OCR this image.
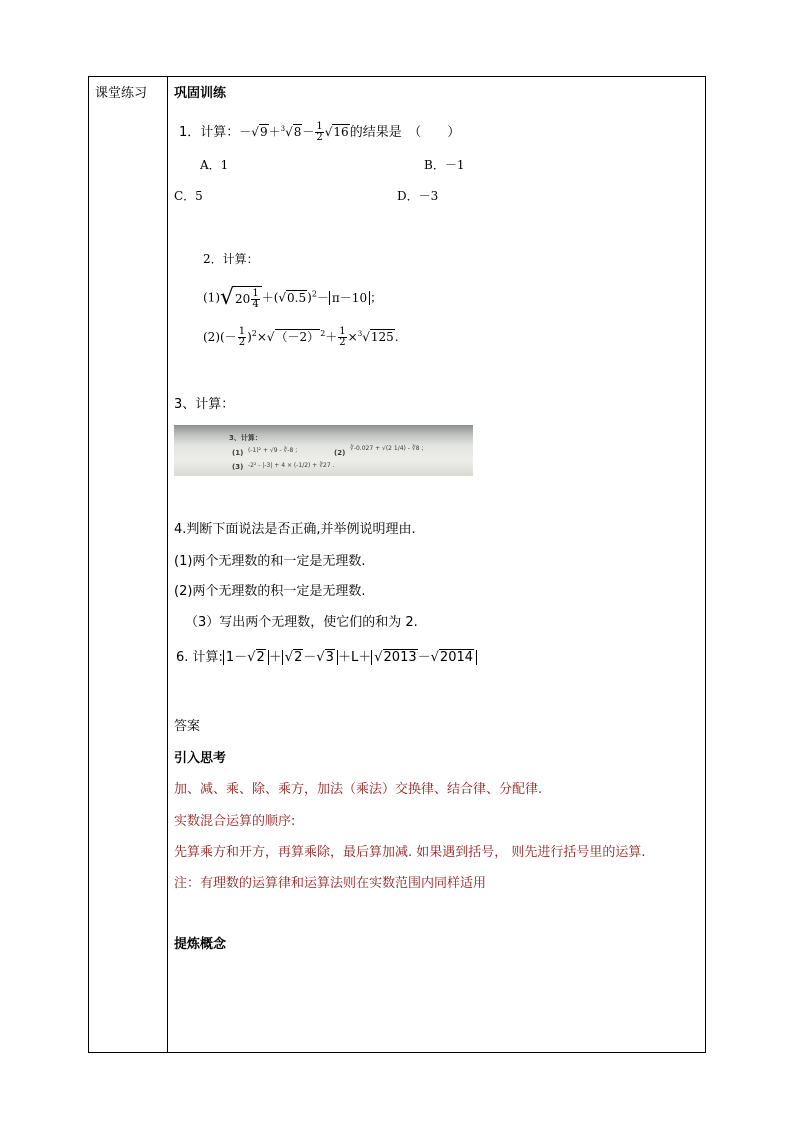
课堂练习 巩固训练
1．计算：$-√9+^3√8- \frac{1}{2} √16$的结果是　（　　）
A．1	B．－1
C．5	D．－3
2．计算：
$(1)√20 \frac{1}{4} +(√0.5)^2- \pi-10$ ；
$(2)(- \frac{1}{2} )^2\times√(-2)^2+ \frac{1}{2} \times^3√125$.
3、计算：
3、计算：
(1) (-1)² + √9 - ∛-8 ;	(2)
∛-0.027 + √(2 1/4) - ∛8 ;
(3) -2² - |-3| + 4 × (-1/2) + ∛27 .
4.判断下面说法是否正确,并举例说明理由.
(1)两个无理数的和一定是无理数.
(2)两个无理数的积一定是无理数.
（3）写出两个无理数，使它们的和为 2.
6. 计算: 1－√2 ＋ √2－√3 ＋L＋ √2013－√2014
答案
引入思考
加、减、乘、除、乘方，加法（乘法）交换律、结合律、分配律.
实数混合运算的顺序:
先算乘方和开方，再算乘除，最后算加减. 如果遇到括号， 则先进行括号里的运算.
注：有理数的运算律和运算法则在实数范围内同样适用
提炼概念
